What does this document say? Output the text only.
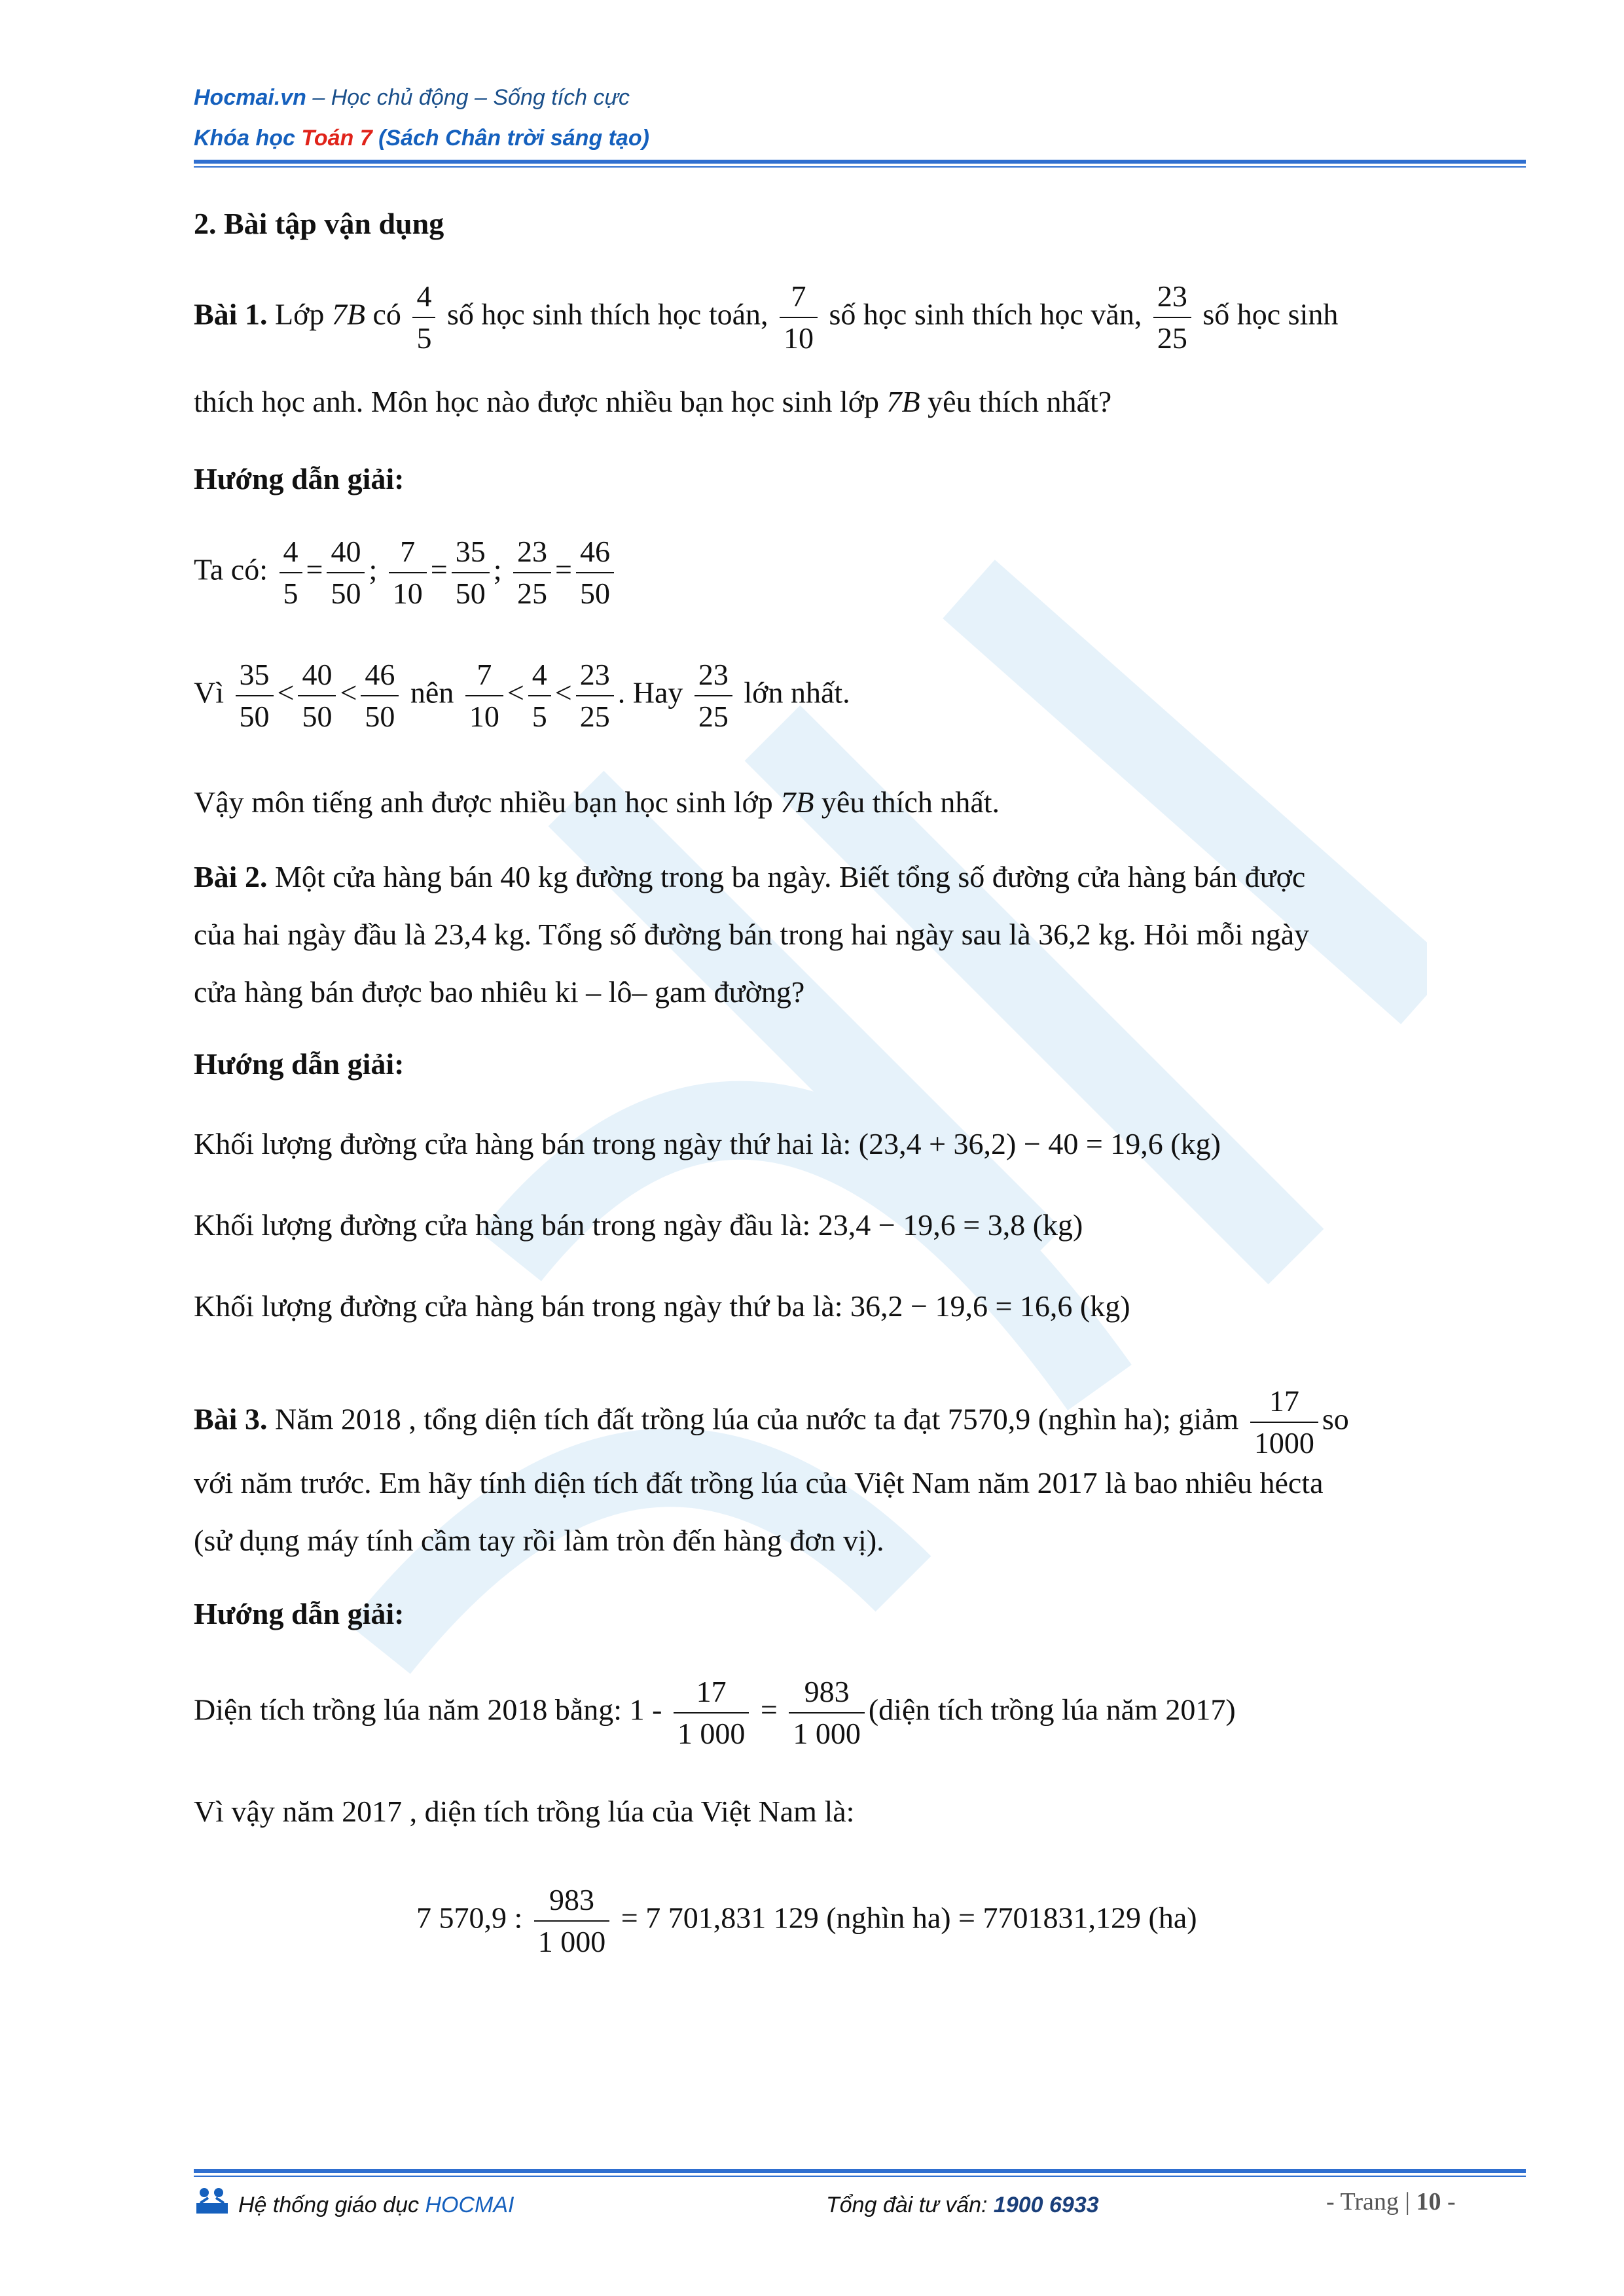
Hocmai.vn – Học chủ động – Sống tích cực
Khóa học Toán 7 (Sách Chân trời sáng tạo)
2. Bài tập vận dụng
Bài 1. Lớp 7B có $\frac{4}{5}$ số học sinh thích học toán, $\frac{7}{10}$ số học sinh thích học văn, $\frac{23}{25}$ số học sinh
thích học anh. Môn học nào được nhiều bạn học sinh lớp 7B yêu thích nhất?
Hướng dẫn giải:
Ta có: $\frac{4}{5} = \frac{40}{50}$ ; $\frac{7}{10} = \frac{35}{50}$ ; $\frac{23}{25} = \frac{46}{50}$
Vì $\frac{35}{50} < \frac{40}{50} < \frac{46}{50}$ nên $\frac{7}{10} < \frac{4}{5} < \frac{23}{25}$ . Hay $\frac{23}{25}$ lớn nhất.
Vậy môn tiếng anh được nhiều bạn học sinh lớp 7B yêu thích nhất.
Bài 2. Một cửa hàng bán 40 kg đường trong ba ngày. Biết tổng số đường cửa hàng bán được
của hai ngày đầu là 23,4 kg. Tổng số đường bán trong hai ngày sau là 36,2 kg. Hỏi mỗi ngày
cửa hàng bán được bao nhiêu ki – lô– gam đường?
Hướng dẫn giải:
Khối lượng đường cửa hàng bán trong ngày thứ hai là: (23,4 + 36,2) − 40 = 19,6 (kg)
Khối lượng đường cửa hàng bán trong ngày đầu là: 23,4 − 19,6 = 3,8 (kg)
Khối lượng đường cửa hàng bán trong ngày thứ ba là: 36,2 − 19,6 = 16,6 (kg)
Bài 3. Năm 2018 , tổng diện tích đất trồng lúa của nước ta đạt 7570,9 (nghìn ha); giảm $\frac{17}{1000}$ so
với năm trước. Em hãy tính diện tích đất trồng lúa của Việt Nam năm 2017 là bao nhiêu hécta
(sử dụng máy tính cầm tay rồi làm tròn đến hàng đơn vị).
Hướng dẫn giải:
Diện tích trồng lúa năm 2018 bằng: $1 - \frac{17}{1 000} = \frac{983}{1 000}$ (diện tích trồng lúa năm 2017)
Vì vậy năm 2017 , diện tích trồng lúa của Việt Nam là:
7 570,9 : $\frac{983}{1 000} = 7$ 701,831 129 (nghìn ha) = 7701831,129 (ha)
Hệ thống giáo dục HOCMAI	Tổng đài tư vấn: 1900 6933	- Trang | 10 -
